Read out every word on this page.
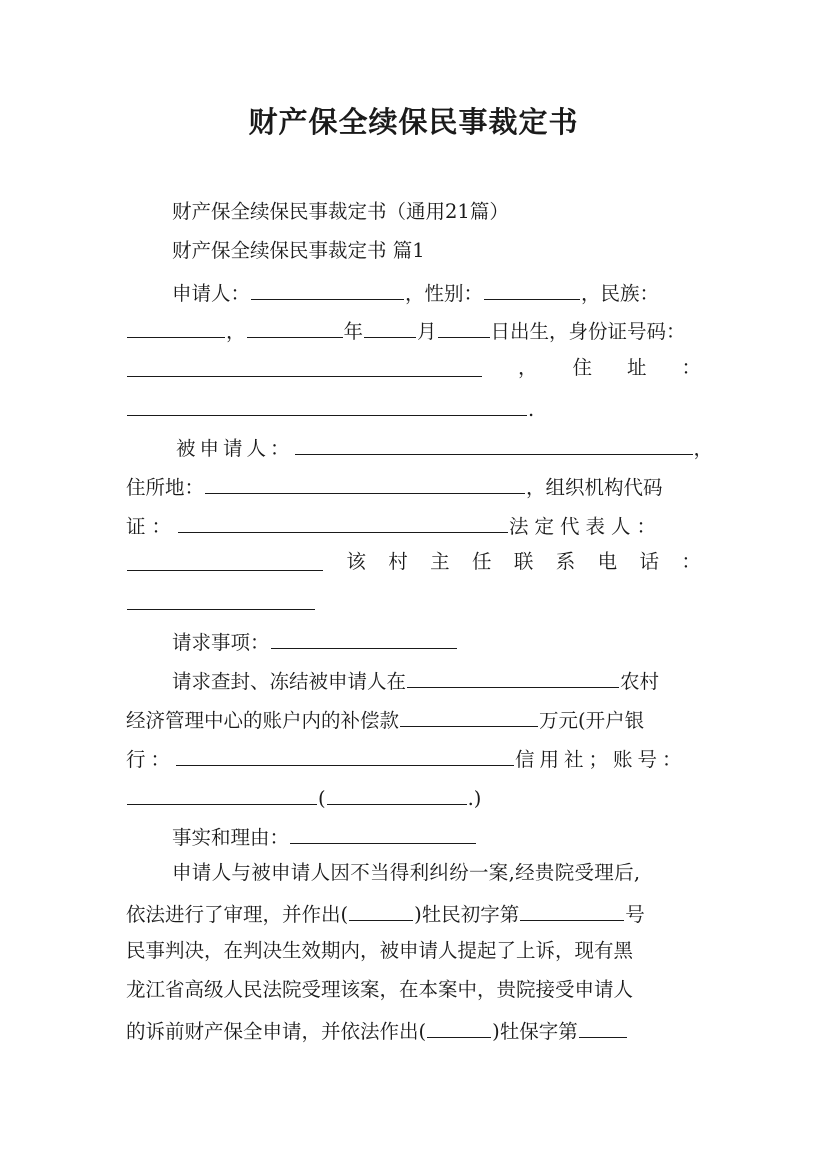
财产保全续保民事裁定书
财产保全续保民事裁定书（通用21篇）
财产保全续保民事裁定书 篇1
申请人：	，性别：	，民族：
，	年	月	日出生，身份证号码：
， 住 址 ：
.
被申请人：	，
住所地：	，组织机构代码
证：	法定代表人：
该 村 主 任 联 系 电 话 ：
请求事项：
请求查封、冻结被申请人在	农村
经济管理中心的账户内的补偿款	万元(开户银
行：	信用社；账号：
(	.)
事实和理由：
申请人与被申请人因不当得利纠纷一案,经贵院受理后,
依法进行了审理，并作出(	)牡民初字第	号
民事判决，在判决生效期内，被申请人提起了上诉，现有黑
龙江省高级人民法院受理该案，在本案中，贵院接受申请人
的诉前财产保全申请，并依法作出(	)牡保字第
